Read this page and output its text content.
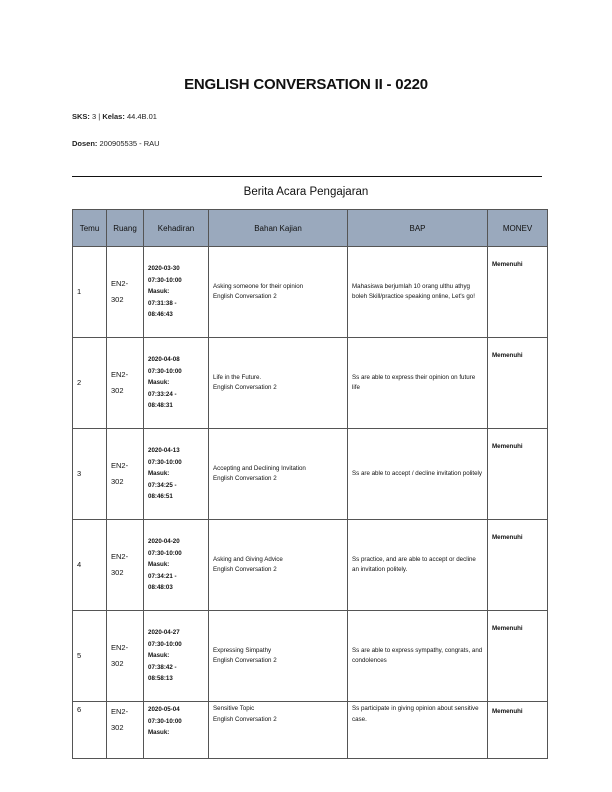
ENGLISH CONVERSATION II - 0220
SKS: 3 | Kelas: 44.4B.01
Dosen: 200905535 - RAU
Berita Acara Pengajaran
Temu	Ruang	Kehadiran	Bahan Kajian	BAP	MONEV
1	EN2-302	2020-03-30
07:30-10:00
Masuk:
07:31:38 -
08:46:43	Asking someone for their opinion
English Conversation 2	Mahasiswa berjumlah 10 orang ulthu athyg boleh Skill/practice speaking online, Let's go!	Memenuhi
2	EN2-302	2020-04-08
07:30-10:00
Masuk:
07:33:24 -
08:48:31	Life in the Future.
English Conversation 2	Ss are able to express their opinion on future life	Memenuhi
3	EN2-302	2020-04-13
07:30-10:00
Masuk:
07:34:25 -
08:46:51	Accepting and Declining Invitation
English Conversation 2	Ss are able to accept / decline invitation politely	Memenuhi
4	EN2-302	2020-04-20
07:30-10:00
Masuk:
07:34:21 -
08:48:03	Asking and Giving Advice
English Conversation 2	Ss practice, and are able to accept or decline an invitation politely.	Memenuhi
5	EN2-302	2020-04-27
07:30-10:00
Masuk:
07:38:42 -
08:58:13	Expressing Simpathy
English Conversation 2	Ss are able to express sympathy, congrats, and condolences	Memenuhi
6	EN2-302	2020-05-04
07:30-10:00
Masuk:	Sensitive Topic
English Conversation 2	Ss participate in giving opinion about sensitive case.	Memenuhi
